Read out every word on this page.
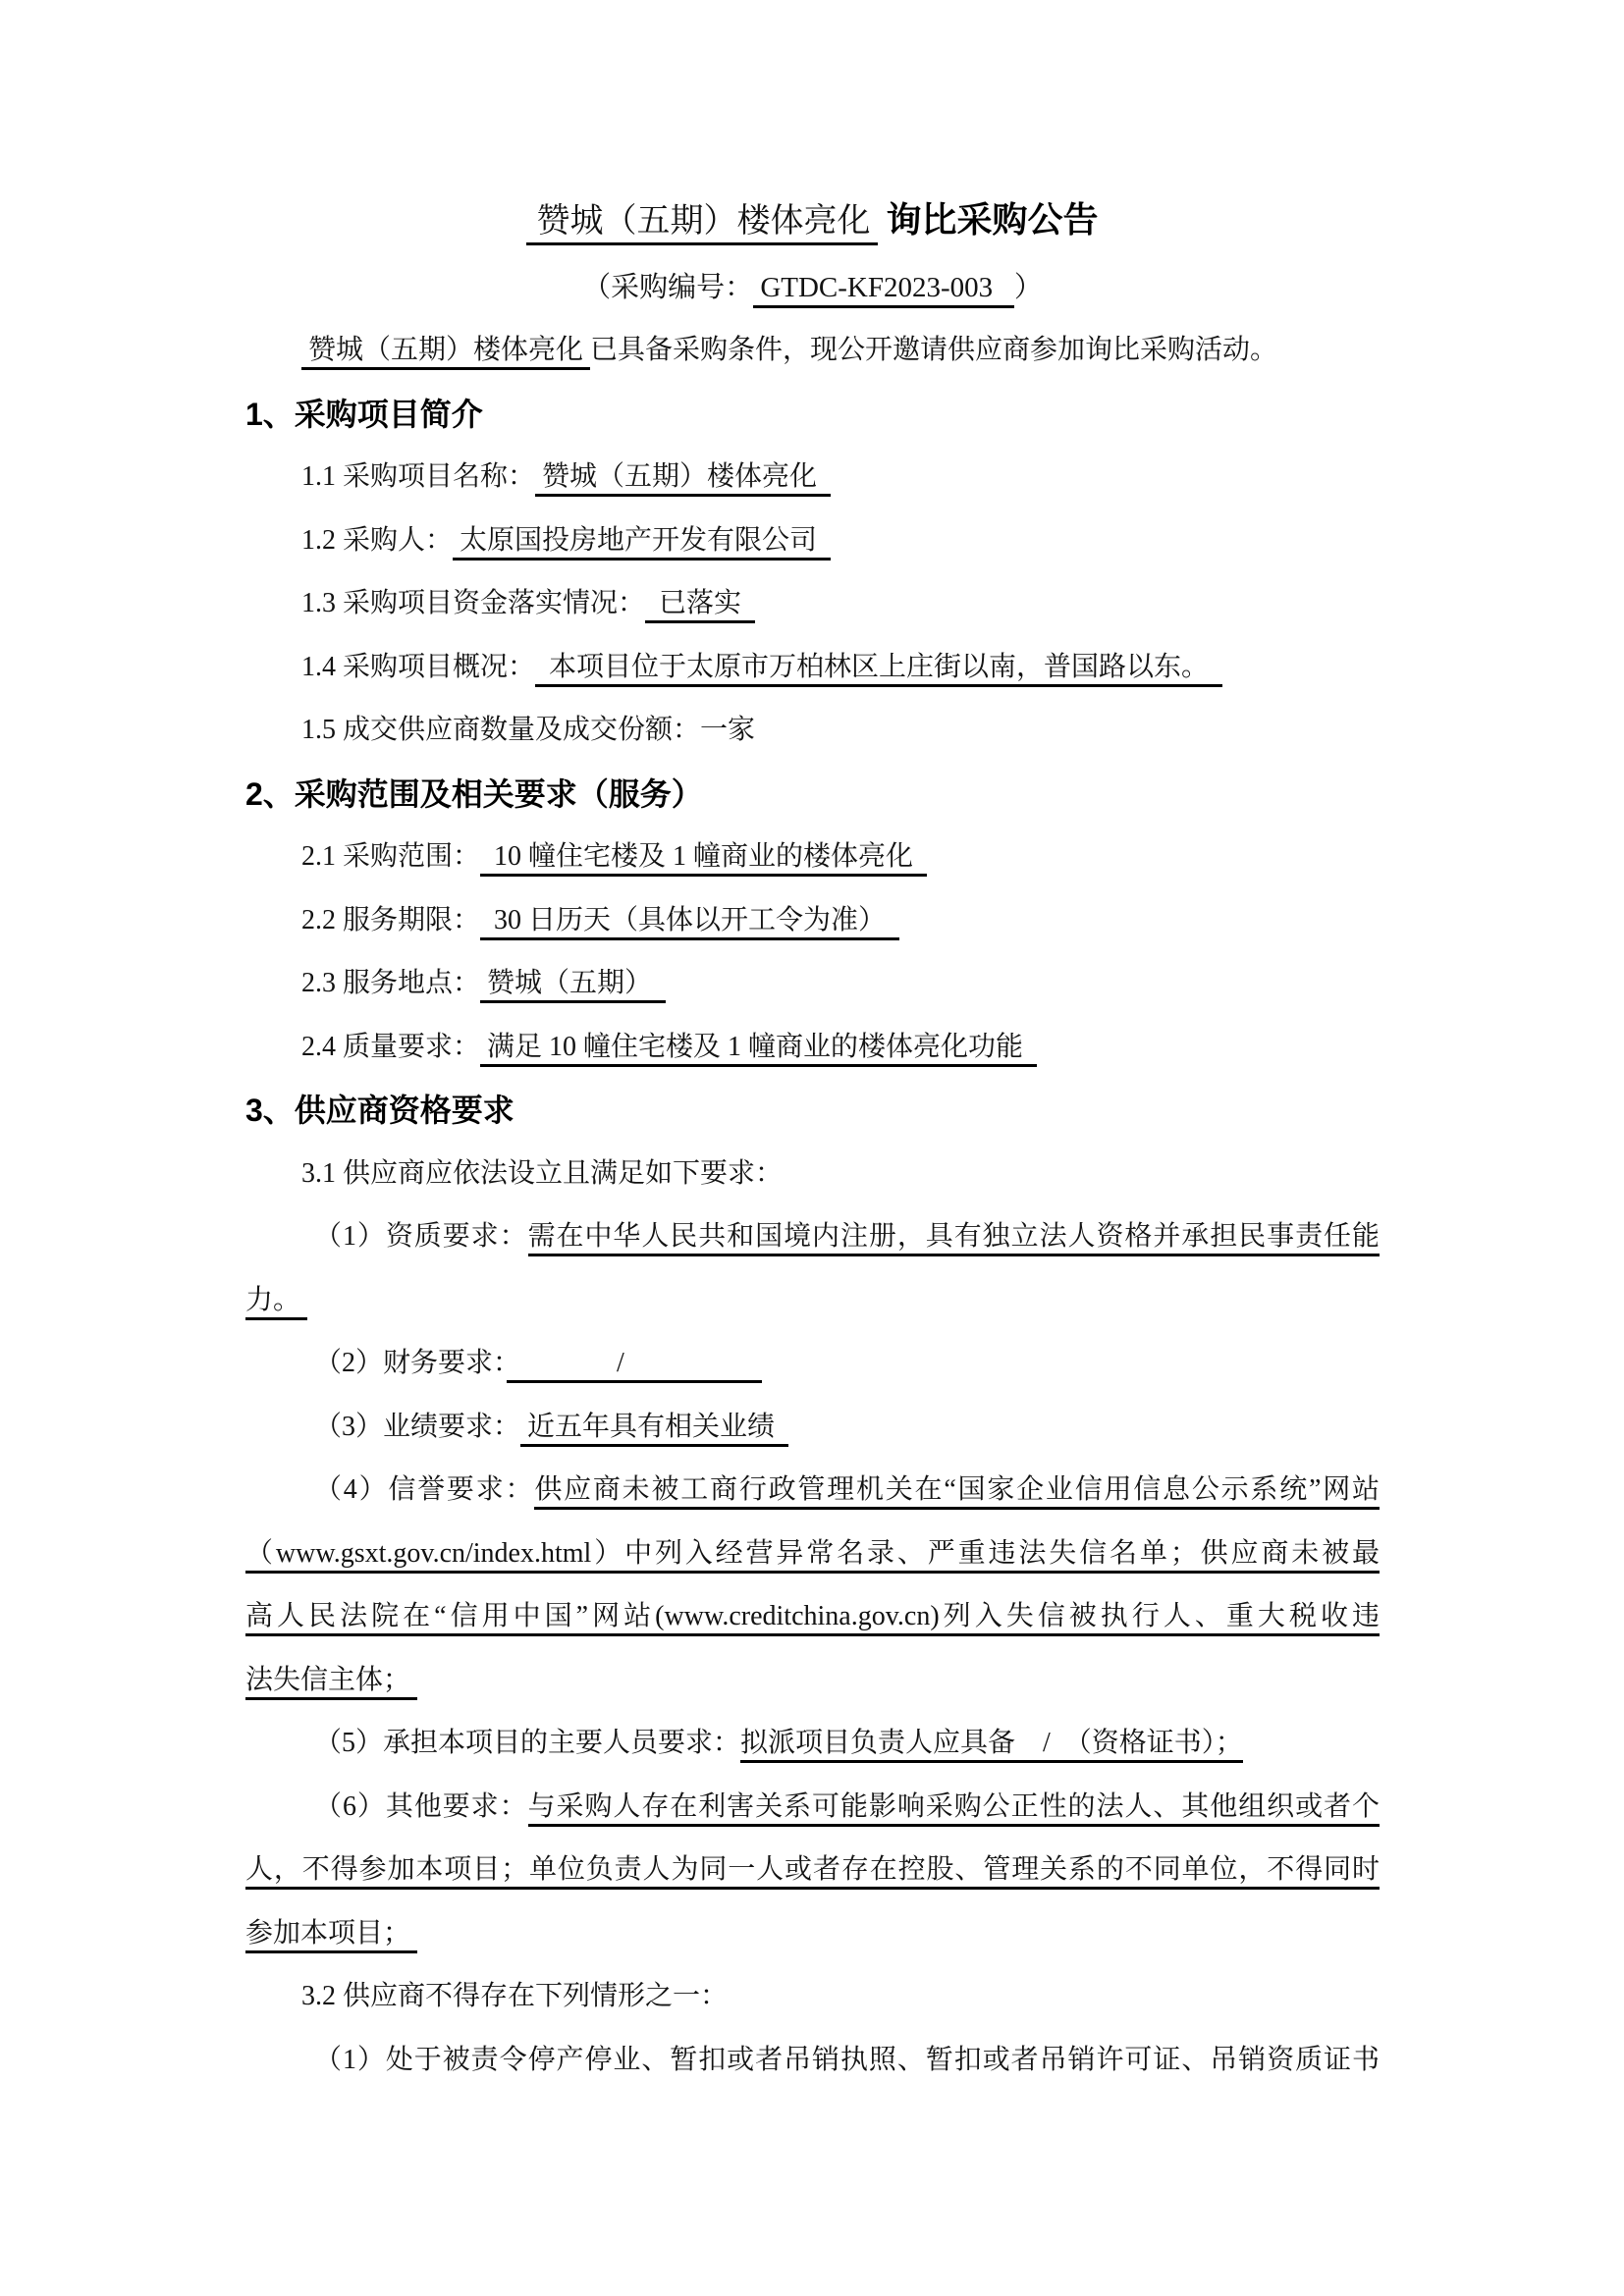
赞城（五期）楼体亮化 询比采购公告
（采购编号： GTDC-KF2023-003   ）
赞城（五期）楼体亮化 已具备采购条件，现公开邀请供应商参加询比采购活动。
1、采购项目简介
1.1 采购项目名称： 赞城（五期）楼体亮化
1.2 采购人： 太原国投房地产开发有限公司
1.3 采购项目资金落实情况：  已落实
1.4 采购项目概况：  本项目位于太原市万柏林区上庄街以南，普国路以东。
1.5 成交供应商数量及成交份额：一家
2、采购范围及相关要求（服务）
2.1 采购范围：  10 幢住宅楼及 1 幢商业的楼体亮化
2.2 服务期限：  30 日历天（具体以开工令为准）
2.3 服务地点： 赞城（五期）
2.4 质量要求： 满足 10 幢住宅楼及 1 幢商业的楼体亮化功能
3、供应商资格要求
3.1 供应商应依法设立且满足如下要求：
（1）资质要求：需在中华人民共和国境内注册，具有独立法人资格并承担民事责任能
力。
（2）财务要求：　　　　/　　　　　
（3）业绩要求： 近五年具有相关业绩
（4）信誉要求：供应商未被工商行政管理机关在“国家企业信用信息公示系统”网站
（www.gsxt.gov.cn/index.html）中列入经营异常名录、严重违法失信名单；供应商未被最
高人民法院在“信用中国”网站(www.creditchina.gov.cn)列入失信被执行人、重大税收违
法失信主体；
（5）承担本项目的主要人员要求：拟派项目负责人应具备　/　（资格证书）；
（6）其他要求：与采购人存在利害关系可能影响采购公正性的法人、其他组织或者个
人，不得参加本项目；单位负责人为同一人或者存在控股、管理关系的不同单位，不得同时
参加本项目；
3.2 供应商不得存在下列情形之一：
（1）处于被责令停产停业、暂扣或者吊销执照、暂扣或者吊销许可证、吊销资质证书
